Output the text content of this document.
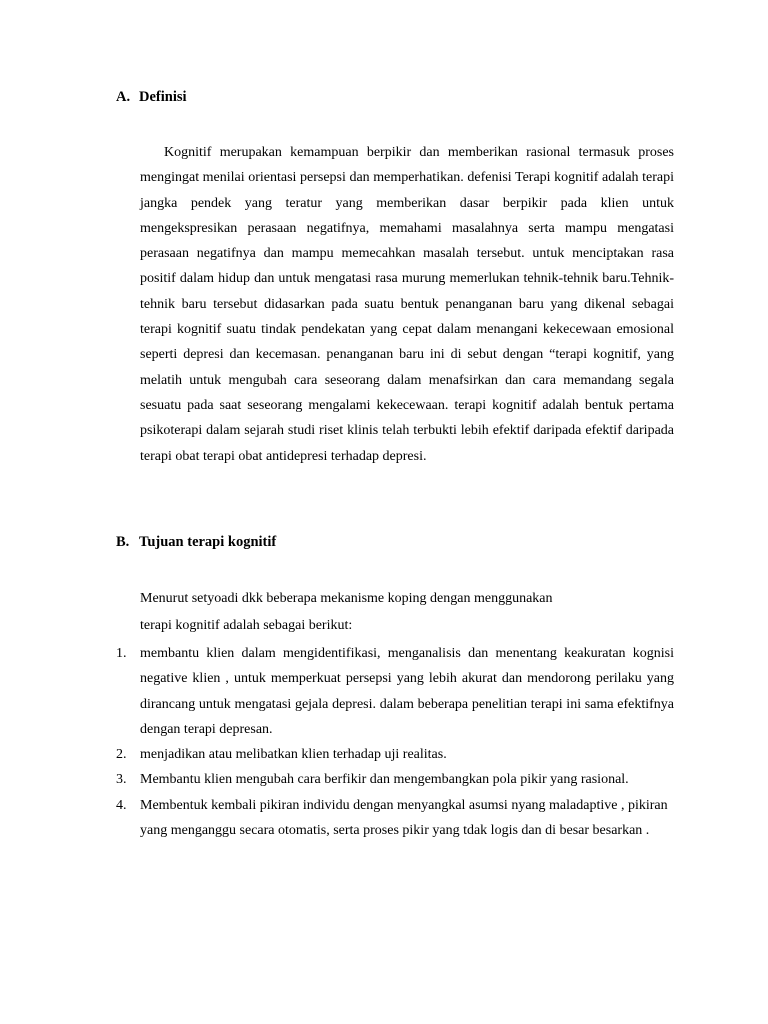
A. Definisi

Kognitif merupakan kemampuan berpikir dan memberikan rasional termasuk proses mengingat menilai orientasi persepsi dan memperhatikan. defenisi Terapi kognitif adalah terapi jangka pendek yang teratur yang memberikan dasar berpikir pada klien untuk mengekspresikan perasaan negatifnya, memahami masalahnya serta mampu mengatasi perasaan negatifnya dan mampu memecahkan masalah tersebut. untuk menciptakan rasa positif dalam hidup dan untuk mengatasi rasa murung memerlukan tehnik-tehnik baru.Tehnik-tehnik baru tersebut didasarkan pada suatu bentuk penanganan baru yang dikenal sebagai terapi kognitif suatu tindak pendekatan yang cepat dalam menangani kekecewaan emosional seperti depresi dan kecemasan. penanganan baru ini di sebut dengan “terapi kognitif, yang melatih untuk mengubah cara seseorang dalam menafsirkan dan cara memandang segala sesuatu pada saat seseorang mengalami kekecewaan. terapi kognitif adalah bentuk pertama psikoterapi dalam sejarah studi riset klinis telah terbukti lebih efektif daripada efektif daripada terapi obat terapi obat antidepresi terhadap depresi.

B. Tujuan terapi kognitif

Menurut setyoadi dkk beberapa mekanisme koping dengan menggunakan

terapi kognitif adalah sebagai berikut:

1. membantu klien dalam mengidentifikasi, menganalisis dan menentang keakuratan kognisi negative klien , untuk memperkuat persepsi yang lebih akurat dan mendorong perilaku yang dirancang untuk mengatasi gejala depresi. dalam beberapa penelitian terapi ini sama efektifnya dengan terapi depresan.
2. menjadikan atau melibatkan klien terhadap uji realitas.
3. Membantu klien mengubah cara berfikir dan mengembangkan pola pikir yang rasional.
4. Membentuk kembali pikiran individu dengan menyangkal asumsi nyang maladaptive , pikiran yang menganggu secara otomatis, serta proses pikir yang tdak logis dan di besar besarkan .
